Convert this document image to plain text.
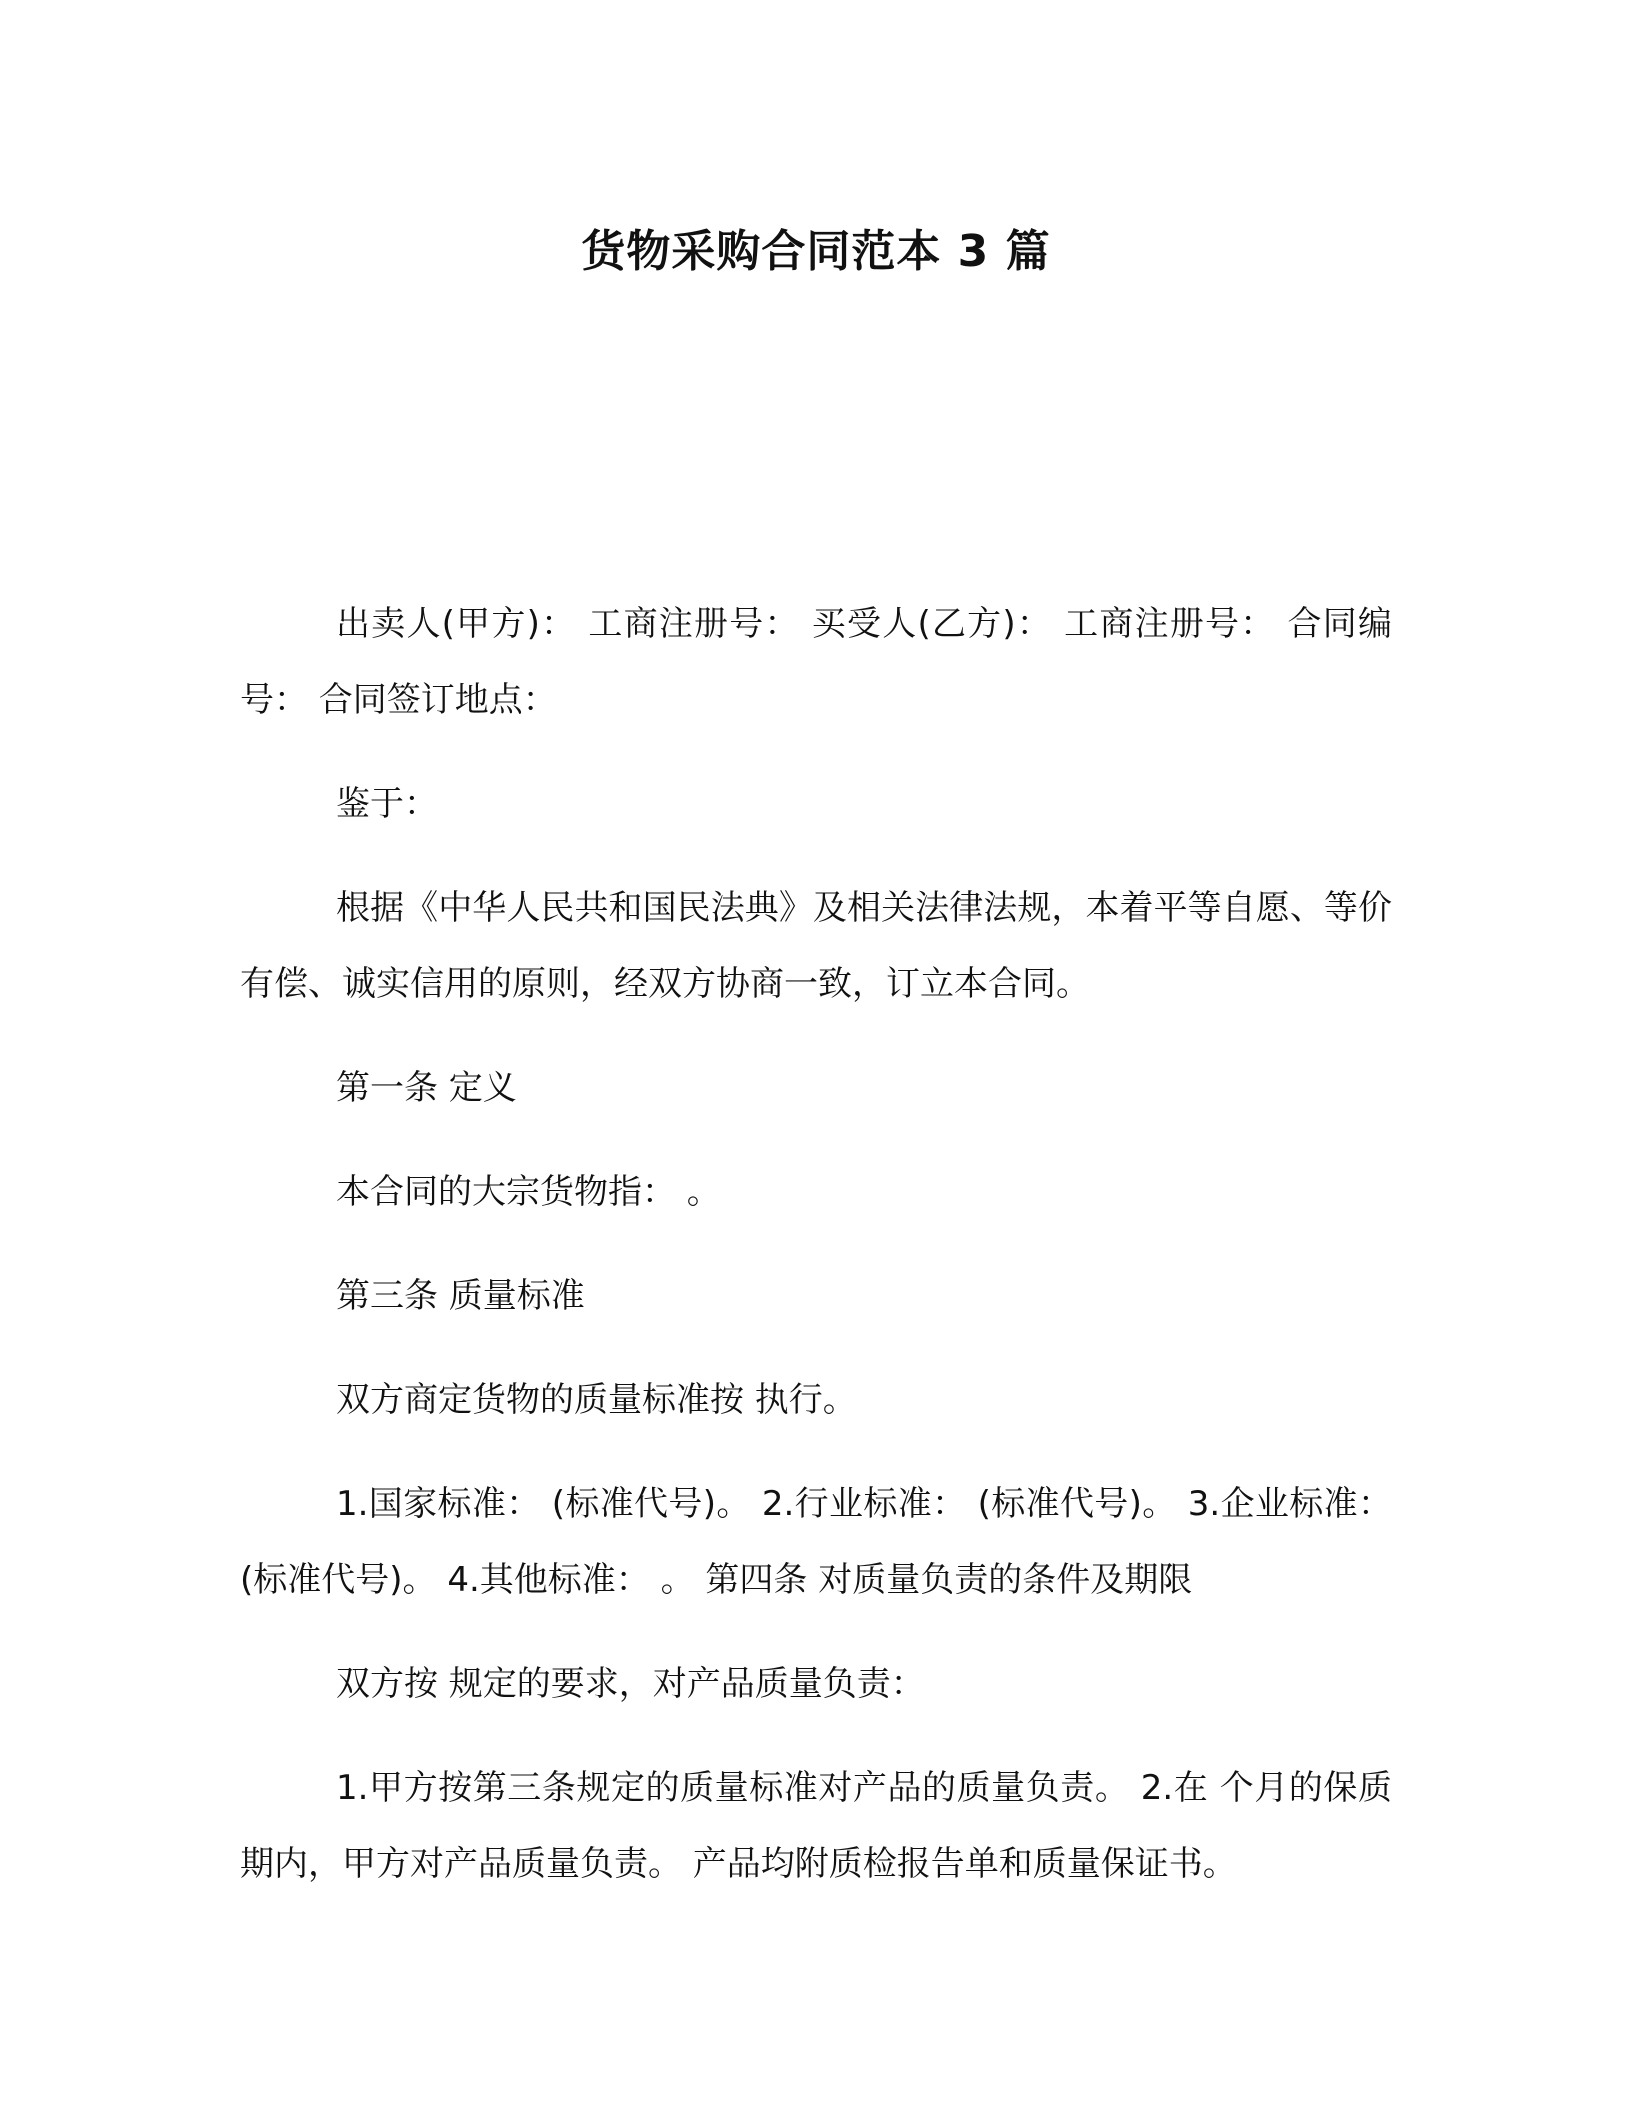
货物采购合同范本 3 篇

出卖人(甲方)： 工商注册号： 买受人(乙方)： 工商注册号： 合同编号： 合同签订地点：

鉴于：

根据《中华人民共和国民法典》及相关法律法规，本着平等自愿、等价有偿、诚实信用的原则，经双方协商一致，订立本合同。

第一条 定义

本合同的大宗货物指： 。

第三条 质量标准

双方商定货物的质量标准按 执行。

1.国家标准： (标准代号)。 2.行业标准： (标准代号)。 3.企业标准： (标准代号)。 4.其他标准： 。 第四条 对质量负责的条件及期限

双方按 规定的要求，对产品质量负责：

1.甲方按第三条规定的质量标准对产品的质量负责。 2.在 个月的保质期内，甲方对产品质量负责。 产品均附质检报告单和质量保证书。
